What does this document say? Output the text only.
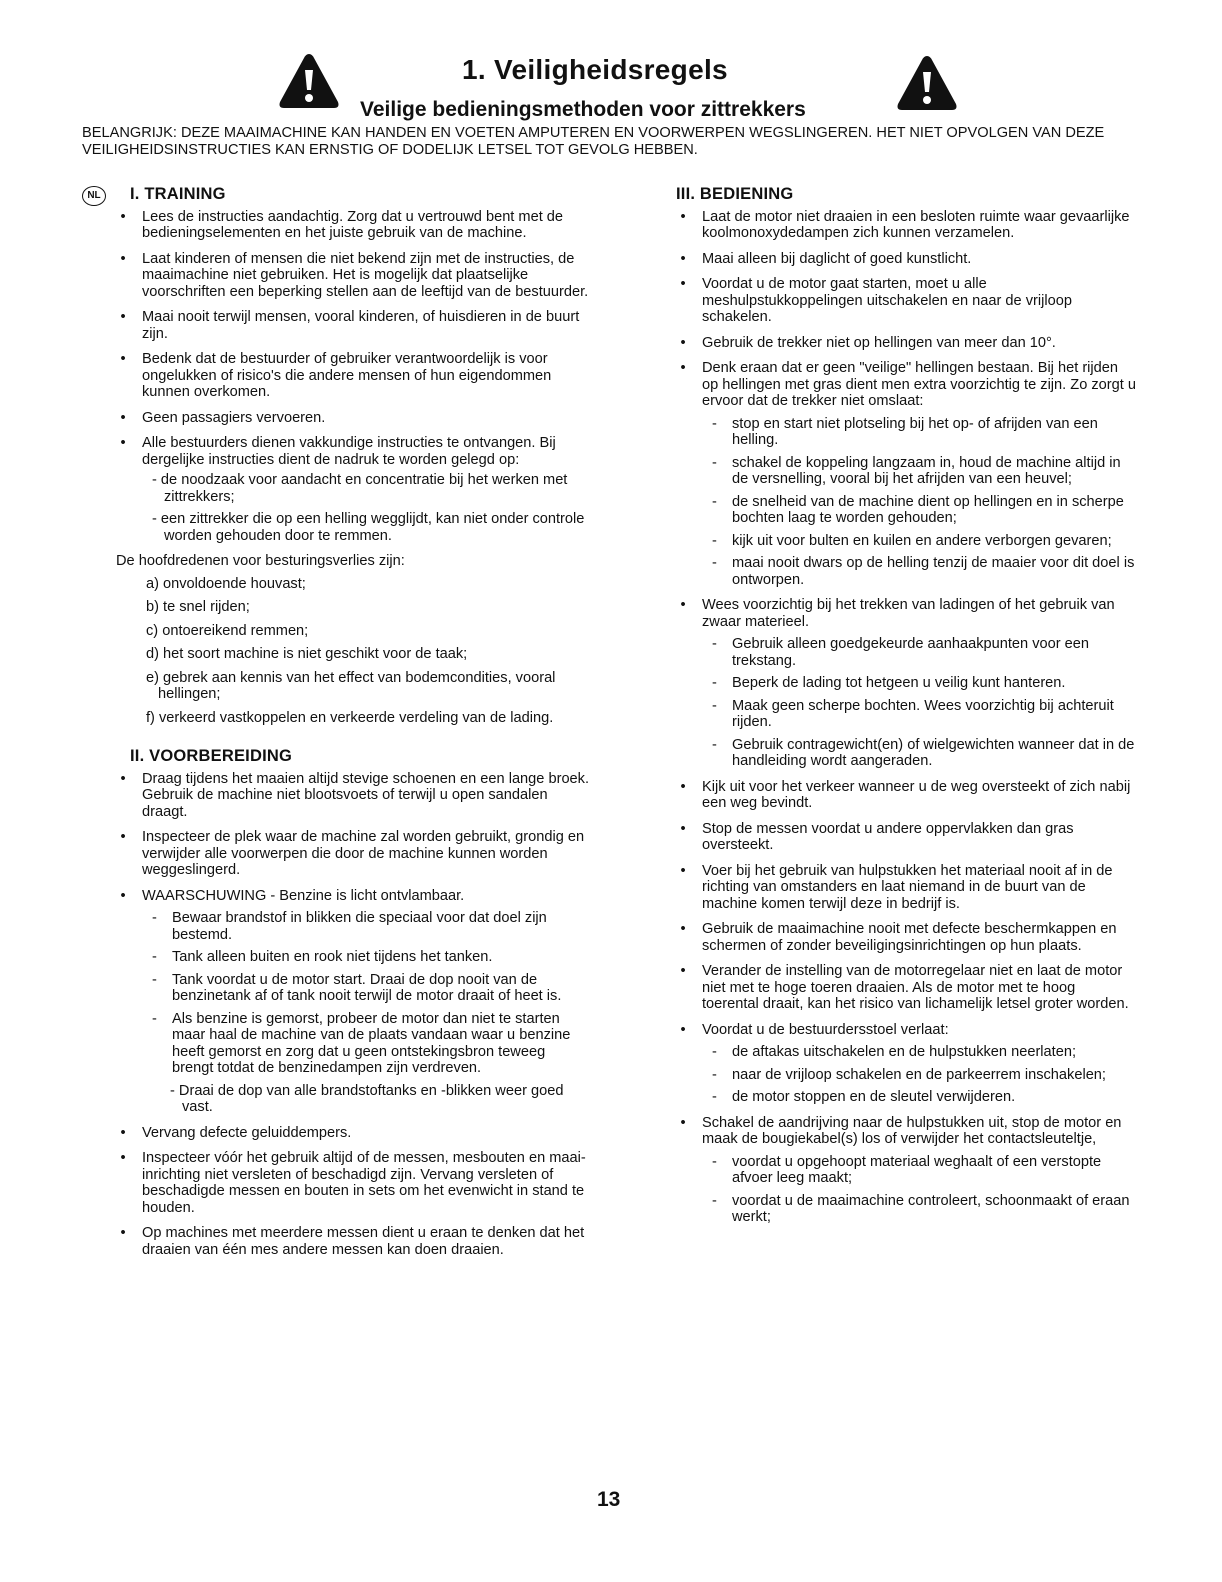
1. Veiligheidsregels
Veilige bedieningsmethoden voor zittrekkers
BELANGRIJK: DEZE MAAIMACHINE KAN HANDEN EN VOETEN AMPUTEREN EN VOORWERPEN WEGSLINGEREN. HET NIET OPVOLGEN VAN DEZE VEILIGHEIDSINSTRUCTIES KAN ERNSTIG OF DODELIJK LETSEL TOT GEVOLG HEBBEN.
NL	I. TRAINING
•	Lees de instructies aandachtig. Zorg dat u vertrouwd bent met de bedieningselementen en het juiste gebruik van de machine.
•	Laat kinderen of mensen die niet bekend zijn met de instructies, de maaimachine niet gebruiken. Het is mogelijk dat plaatselijke voorschriften een beperking stellen aan de leeftijd van de bestuurder.
•	Maai nooit terwijl mensen, vooral kinderen, of huisdieren in de buurt zijn.
•	Bedenk dat de bestuurder of gebruiker verantwoordelijk is voor ongelukken of risico's die andere mensen of hun eigendommen kunnen overkomen.
•	Geen passagiers vervoeren.
•	Alle bestuurders dienen vakkundige instructies te ontvangen. Bij dergelijke instructies dient de nadruk te worden gelegd op:
- de noodzaak voor aandacht en concentratie bij het werken met zittrekkers;
- een zittrekker die op een helling wegglijdt, kan niet onder controle worden gehouden door te remmen.
De hoofdredenen voor besturingsverlies zijn:
a) onvoldoende houvast;
b) te snel rijden;
c) ontoereikend remmen;
d) het soort machine is niet geschikt voor de taak;
e) gebrek aan kennis van het effect van bodemcondities, vooral hellingen;
f) verkeerd vastkoppelen en verkeerde verdeling van de lading.
II. VOORBEREIDING
•	Draag tijdens het maaien altijd stevige schoenen en een lange broek. Gebruik de machine niet blootsvoets of terwijl u open sandalen draagt.
•	Inspecteer de plek waar de machine zal worden gebruikt, grondig en verwijder alle voorwerpen die door de machine kunnen worden weggeslingerd.
•	WAARSCHUWING - Benzine is licht ontvlambaar.
- Bewaar brandstof in blikken die speciaal voor dat doel zijn bestemd.
- Tank alleen buiten en rook niet tijdens het tanken.
- Tank voordat u de motor start. Draai de dop nooit van de benzinetank af of tank nooit terwijl de motor draait of heet is.
- Als benzine is gemorst, probeer de motor dan niet te starten maar haal de machine van de plaats vandaan waar u benzine heeft gemorst en zorg dat u geen ontstekingsbron teweeg brengt totdat de benzinedampen zijn verdreven.
- Draai de dop van alle brandstoftanks en -blikken weer goed vast.
•	Vervang defecte geluiddempers.
•	Inspecteer vóór het gebruik altijd of de messen, mesbouten en maai-inrichting niet versleten of beschadigd zijn. Vervang versleten of beschadigde messen en bouten in sets om het evenwicht in stand te houden.
•	Op machines met meerdere messen dient u eraan te denken dat het draaien van één mes andere messen kan doen draaien.
III. BEDIENING
•	Laat de motor niet draaien in een besloten ruimte waar gevaarlijke koolmonoxydedampen zich kunnen verzamelen.
•	Maai alleen bij daglicht of goed kunstlicht.
•	Voordat u de motor gaat starten, moet u alle meshulpstukkoppelingen uitschakelen en naar de vrijloop schakelen.
•	Gebruik de trekker niet op hellingen van meer dan 10°.
•	Denk eraan dat er geen "veilige" hellingen bestaan. Bij het rijden op hellingen met gras dient men extra voorzichtig te zijn. Zo zorgt u ervoor dat de trekker niet omslaat:
- stop en start niet plotseling bij het op- of afrijden van een helling.
- schakel de koppeling langzaam in, houd de machine altijd in de versnelling, vooral bij het afrijden van een heuvel;
- de snelheid van de machine dient op hellingen en in scherpe bochten laag te worden gehouden;
- kijk uit voor bulten en kuilen en andere verborgen gevaren;
- maai nooit dwars op de helling tenzij de maaier voor dit doel is ontworpen.
•	Wees voorzichtig bij het trekken van ladingen of het gebruik van zwaar materieel.
- Gebruik alleen goedgekeurde aanhaakpunten voor een trekstang.
- Beperk de lading tot hetgeen u veilig kunt hanteren.
- Maak geen scherpe bochten. Wees voorzichtig bij achteruit rijden.
- Gebruik contragewicht(en) of wielgewichten wanneer dat in de handleiding wordt aangeraden.
•	Kijk uit voor het verkeer wanneer u de weg oversteekt of zich nabij een weg bevindt.
•	Stop de messen voordat u andere oppervlakken dan gras oversteekt.
•	Voer bij het gebruik van hulpstukken het materiaal nooit af in de richting van omstanders en laat niemand in de buurt van de machine komen terwijl deze in bedrijf is.
•	Gebruik de maaimachine nooit met defecte beschermkappen en schermen of zonder beveiligingsinrichtingen op hun plaats.
•	Verander de instelling van de motorregelaar niet en laat de motor niet met te hoge toeren draaien. Als de motor met te hoog toerental draait, kan het risico van lichamelijk letsel groter worden.
•	Voordat u de bestuurdersstoel verlaat:
- de aftakas uitschakelen en de hulpstukken neerlaten;
- naar de vrijloop schakelen en de parkeerrem inschakelen;
- de motor stoppen en de sleutel verwijderen.
•	Schakel de aandrijving naar de hulpstukken uit, stop de motor en maak de bougiekabel(s) los of verwijder het contactsleuteltje,
- voordat u opgehoopt materiaal weghaalt of een verstopte afvoer leeg maakt;
- voordat u de maaimachine controleert, schoonmaakt of eraan werkt;
13
